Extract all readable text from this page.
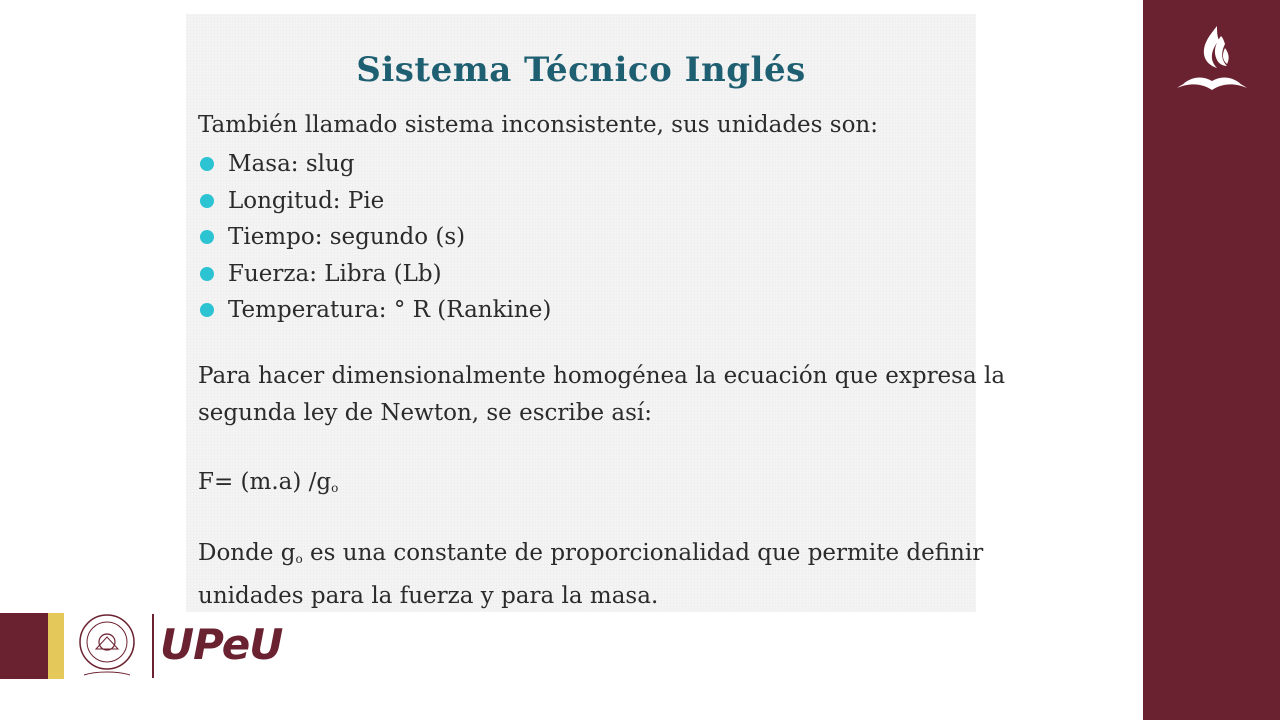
Sistema Técnico Inglés
También llamado sistema inconsistente, sus unidades son:
Masa: slug
Longitud: Pie
Tiempo: segundo (s)
Fuerza: Libra (Lb)
Temperatura: ° R (Rankine)
Para hacer dimensionalmente homogénea la ecuación que expresa la
segunda ley de Newton, se escribe así:
F= (m.a) $/g_o$
Donde $g_o$ es una constante de proporcionalidad que permite definir
unidades para la fuerza y para la masa.
UPeU
